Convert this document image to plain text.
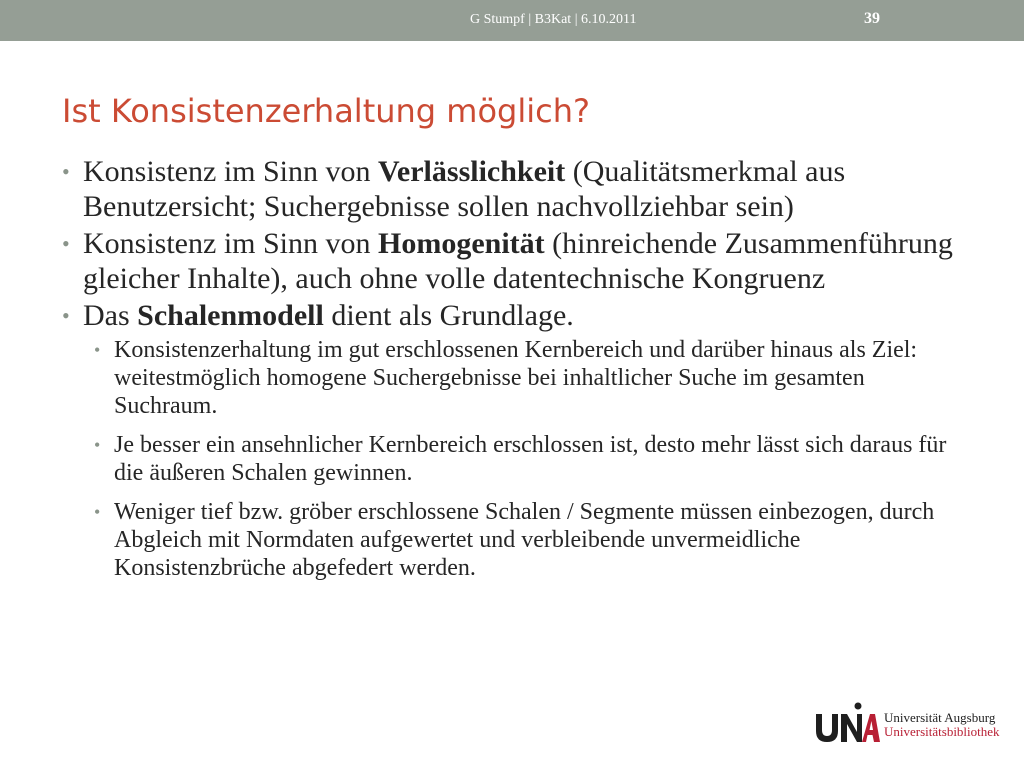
G Stumpf | B3Kat | 6.10.2011	39
Ist Konsistenzerhaltung möglich?
• Konsistenz im Sinn von Verlässlichkeit (Qualitätsmerkmal aus Benutzersicht; Suchergebnisse sollen nachvollziehbar sein)
• Konsistenz im Sinn von Homogenität (hinreichende Zusammenführung gleicher Inhalte), auch ohne volle datentechnische Kongruenz
• Das Schalenmodell dient als Grundlage.
• Konsistenzerhaltung im gut erschlossenen Kernbereich und darüber hinaus als Ziel: weitestmöglich homogene Suchergebnisse bei inhaltlicher Suche im gesamten Suchraum.
• Je besser ein ansehnlicher Kernbereich erschlossen ist, desto mehr lässt sich daraus für die äußeren Schalen gewinnen.
• Weniger tief bzw. gröber erschlossene Schalen / Segmente müssen einbezogen, durch Abgleich mit Normdaten aufgewertet und verbleibende unvermeidliche Konsistenzbrüche abgefedert werden.
Universität Augsburg
Universitätsbibliothek
